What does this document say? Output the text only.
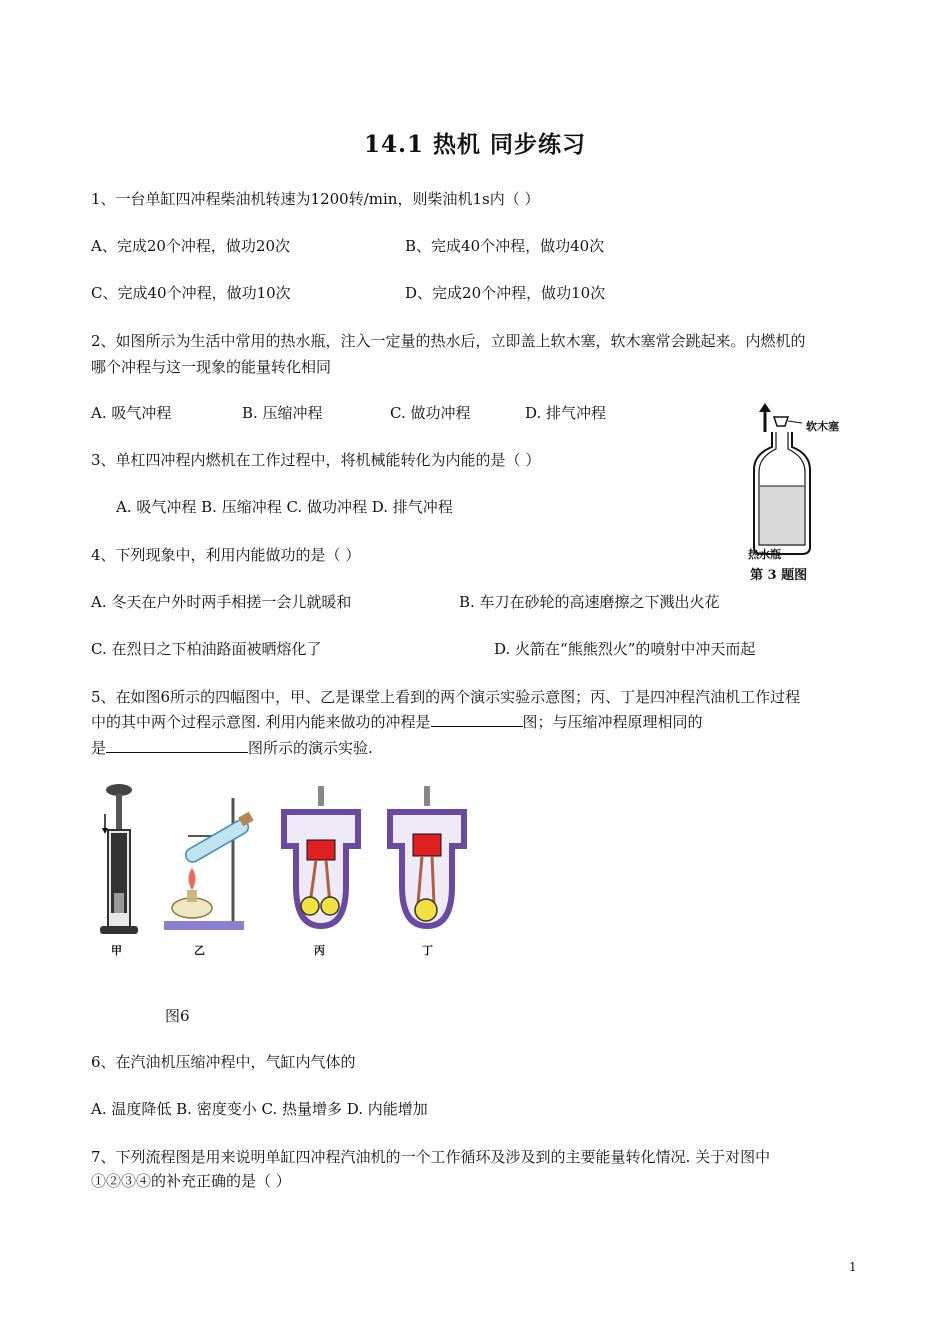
14.1 热机 同步练习
1、一台单缸四冲程柴油机转速为1200转/min，则柴油机1s内（ ）
A、完成20个冲程，做功20次	B、完成40个冲程，做功40次
C、完成40个冲程，做功10次	D、完成20个冲程，做功10次
2、如图所示为生活中常用的热水瓶，注入一定量的热水后，立即盖上软木塞，软木塞常会跳起来。内燃机的
哪个冲程与这一现象的能量转化相同
A. 吸气冲程	B. 压缩冲程	C. 做功冲程	D. 排气冲程
软木塞
热水瓶
第 3 题图
3、单杠四冲程内燃机在工作过程中，将机械能转化为内能的是（ ）
A. 吸气冲程 B. 压缩冲程 C. 做功冲程 D. 排气冲程
4、下列现象中，利用内能做功的是（ ）
A. 冬天在户外时两手相搓一会儿就暖和	B. 车刀在砂轮的高速磨擦之下溅出火花
C. 在烈日之下柏油路面被晒熔化了	D. 火箭在“熊熊烈火”的喷射中冲天而起
5、在如图6所示的四幅图中，甲、乙是课堂上看到的两个演示实验示意图；丙、丁是四冲程汽油机工作过程
中的其中两个过程示意图. 利用内能来做功的冲程是	图；与压缩冲程原理相同的
是	图所示的演示实验.
甲	乙	丙	丁
图6
6、在汽油机压缩冲程中，气缸内气体的
A. 温度降低 B. 密度变小 C. 热量增多 D. 内能增加
7、下列流程图是用来说明单缸四冲程汽油机的一个工作循环及涉及到的主要能量转化情况. 关于对图中
①②③④的补充正确的是（ ）
1
